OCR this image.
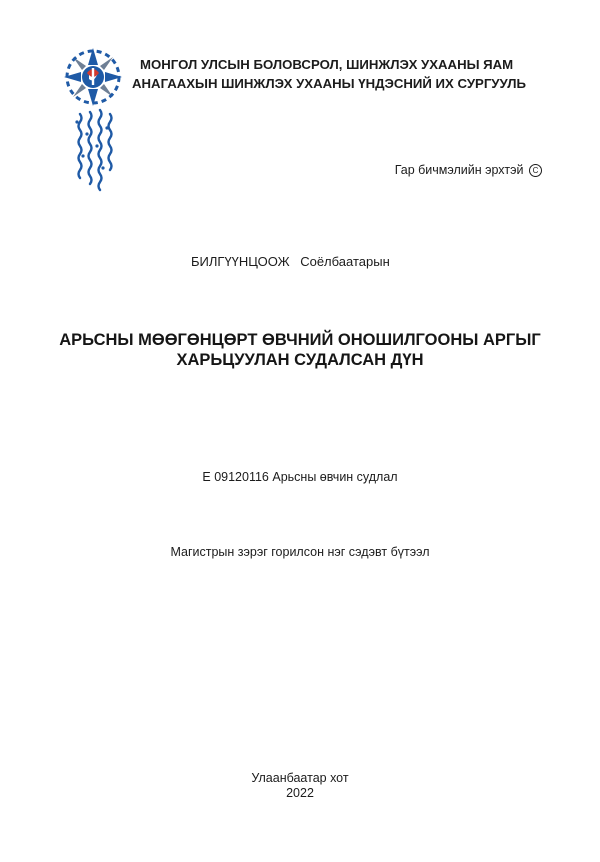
МОНГОЛ УЛСЫН БОЛОВСРОЛ, ШИНЖЛЭХ УХААНЫ ЯАМ
АНАГААХЫН ШИНЖЛЭХ УХААНЫ ҮНДЭСНИЙ ИХ СУРГУУЛЬ
Гар бичмэлийн эрхтэй C
БИЛГҮҮНЦООЖ Соёлбаатарын
АРЬСНЫ МӨӨГӨНЦӨРТ ӨВЧНИЙ ОНОШИЛГООНЫ АРГЫГ
ХАРЬЦУУЛАН СУДАЛСАН ДҮН
Е 09120116 Арьсны өвчин судлал
Магистрын зэрэг горилсон нэг сэдэвт бүтээл
Улаанбаатар хот
2022
